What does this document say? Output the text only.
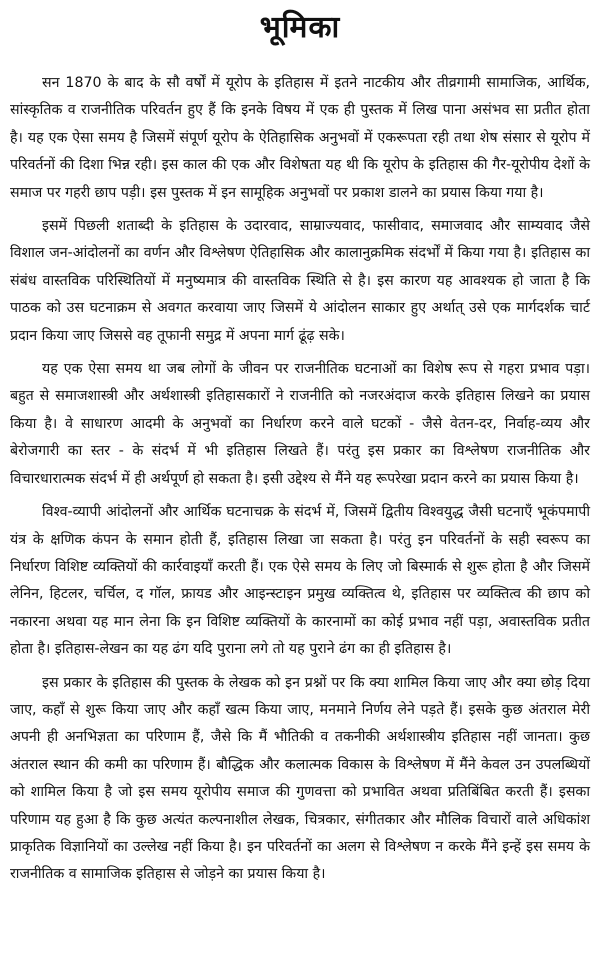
भूमिका

सन 1870 के बाद के सौ वर्षों में यूरोप के इतिहास में इतने नाटकीय और तीव्रगामी सामाजिक, आर्थिक, सांस्कृतिक व राजनीतिक परिवर्तन हुए हैं कि इनके विषय में एक ही पुस्तक में लिख पाना असंभव सा प्रतीत होता है। यह एक ऐसा समय है जिसमें संपूर्ण यूरोप के ऐतिहासिक अनुभवों में एकरूपता रही तथा शेष संसार से यूरोप में परिवर्तनों की दिशा भिन्न रही। इस काल की एक और विशेषता यह थी कि यूरोप के इतिहास की गैर-यूरोपीय देशों के समाज पर गहरी छाप पड़ी। इस पुस्तक में इन सामूहिक अनुभवों पर प्रकाश डालने का प्रयास किया गया है।

इसमें पिछली शताब्दी के इतिहास के उदारवाद, साम्राज्यवाद, फासीवाद, समाजवाद और साम्यवाद जैसे विशाल जन-आंदोलनों का वर्णन और विश्लेषण ऐतिहासिक और कालानुक्रमिक संदर्भों में किया गया है। इतिहास का संबंध वास्तविक परिस्थितियों में मनुष्यमात्र की वास्तविक स्थिति से है। इस कारण यह आवश्यक हो जाता है कि पाठक को उस घटनाक्रम से अवगत करवाया जाए जिसमें ये आंदोलन साकार हुए अर्थात् उसे एक मार्गदर्शक चार्ट प्रदान किया जाए जिससे वह तूफानी समुद्र में अपना मार्ग ढूंढ़ सके।

यह एक ऐसा समय था जब लोगों के जीवन पर राजनीतिक घटनाओं का विशेष रूप से गहरा प्रभाव पड़ा। बहुत से समाजशास्त्री और अर्थशास्त्री इतिहासकारों ने राजनीति को नजरअंदाज करके इतिहास लिखने का प्रयास किया है। वे साधारण आदमी के अनुभवों का निर्धारण करने वाले घटकों - जैसे वेतन-दर, निर्वाह-व्यय और बेरोजगारी का स्तर - के संदर्भ में भी इतिहास लिखते हैं। परंतु इस प्रकार का विश्लेषण राजनीतिक और विचारधारात्मक संदर्भ में ही अर्थपूर्ण हो सकता है। इसी उद्देश्य से मैंने यह रूपरेखा प्रदान करने का प्रयास किया है।

विश्व-व्यापी आंदोलनों और आर्थिक घटनाचक्र के संदर्भ में, जिसमें द्वितीय विश्वयुद्ध जैसी घटनाएँ भूकंपमापी यंत्र के क्षणिक कंपन के समान होती हैं, इतिहास लिखा जा सकता है। परंतु इन परिवर्तनों के सही स्वरूप का निर्धारण विशिष्ट व्यक्तियों की कार्रवाइयाँ करती हैं। एक ऐसे समय के लिए जो बिस्मार्क से शुरू होता है और जिसमें लेनिन, हिटलर, चर्चिल, द गॉल, फ्रायड और आइन्स्टाइन प्रमुख व्यक्तित्व थे, इतिहास पर व्यक्तित्व की छाप को नकारना अथवा यह मान लेना कि इन विशिष्ट व्यक्तियों के कारनामों का कोई प्रभाव नहीं पड़ा, अवास्तविक प्रतीत होता है। इतिहास-लेखन का यह ढंग यदि पुराना लगे तो यह पुराने ढंग का ही इतिहास है।

इस प्रकार के इतिहास की पुस्तक के लेखक को इन प्रश्नों पर कि क्या शामिल किया जाए और क्या छोड़ दिया जाए, कहाँ से शुरू किया जाए और कहाँ खत्म किया जाए, मनमाने निर्णय लेने पड़ते हैं। इसके कुछ अंतराल मेरी अपनी ही अनभिज्ञता का परिणाम हैं, जैसे कि मैं भौतिकी व तकनीकी अर्थशास्त्रीय इतिहास नहीं जानता। कुछ अंतराल स्थान की कमी का परिणाम हैं। बौद्धिक और कलात्मक विकास के विश्लेषण में मैंने केवल उन उपलब्धियों को शामिल किया है जो इस समय यूरोपीय समाज की गुणवत्ता को प्रभावित अथवा प्रतिबिंबित करती हैं। इसका परिणाम यह हुआ है कि कुछ अत्यंत कल्पनाशील लेखक, चित्रकार, संगीतकार और मौलिक विचारों वाले अधिकांश प्राकृतिक विज्ञानियों का उल्लेख नहीं किया है। इन परिवर्तनों का अलग से विश्लेषण न करके मैंने इन्हें इस समय के राजनीतिक व सामाजिक इतिहास से जोड़ने का प्रयास किया है।
